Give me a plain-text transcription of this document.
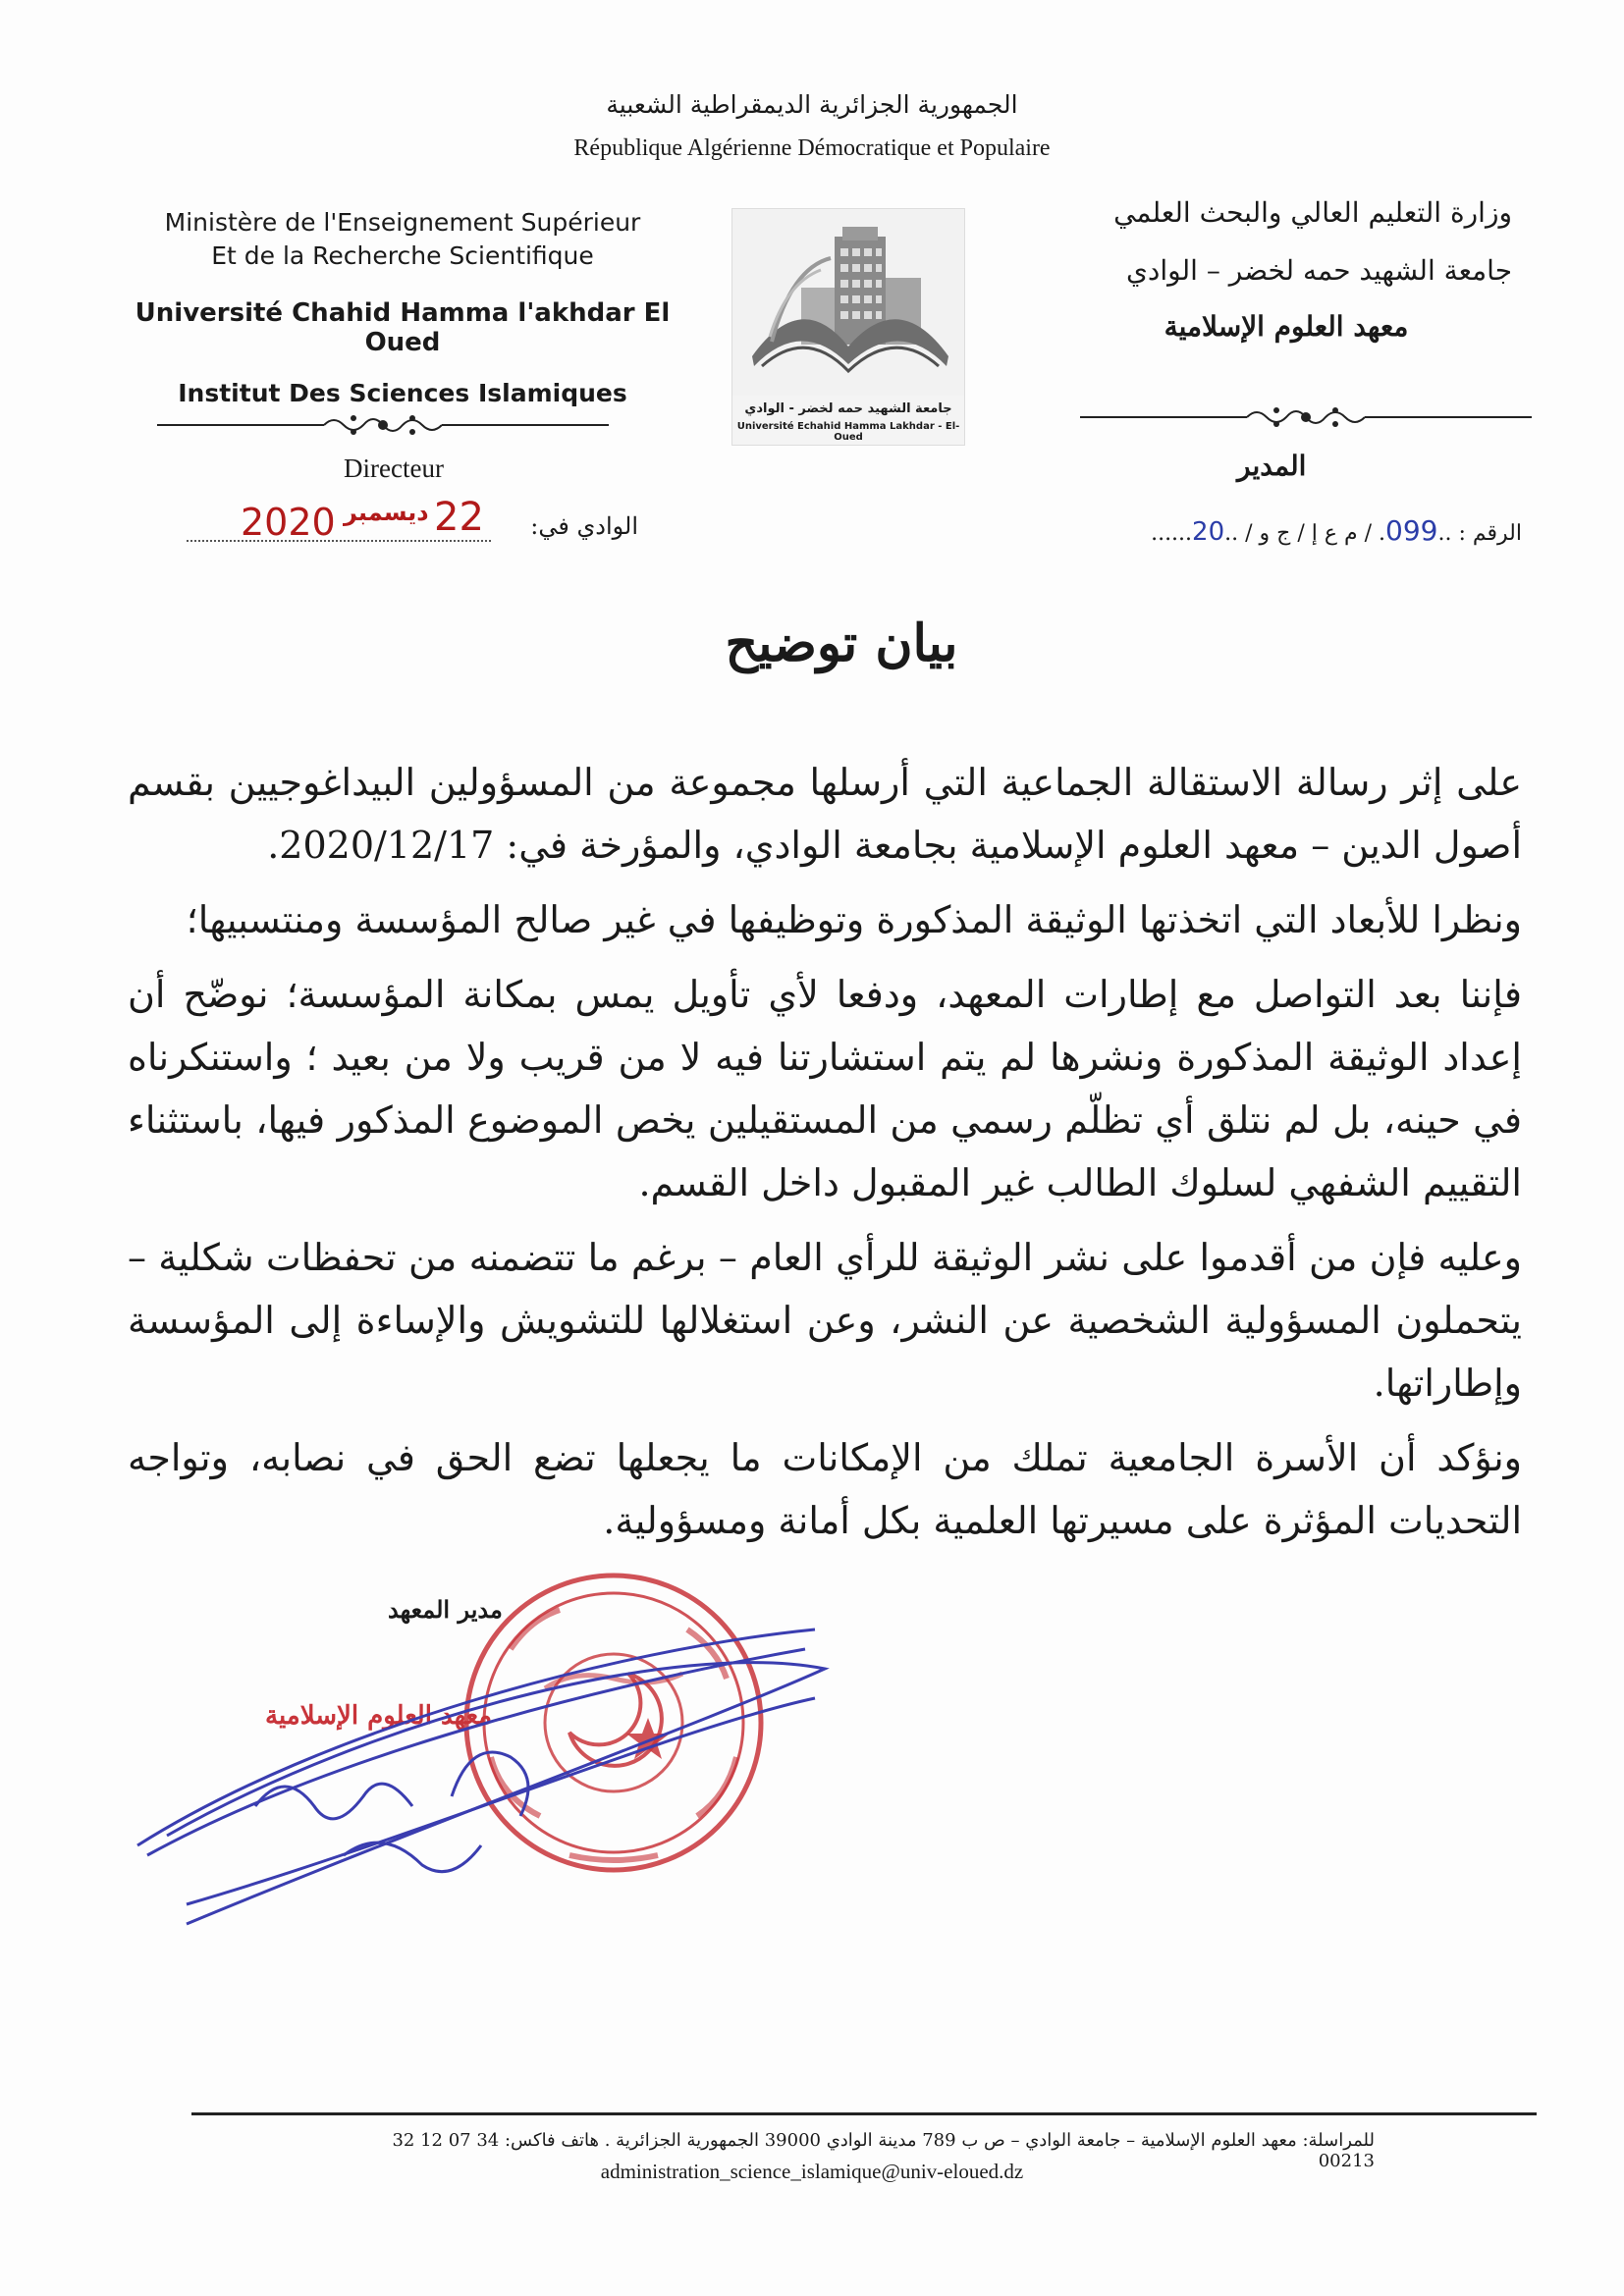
الجمهورية الجزائرية الديمقراطية الشعبية
République Algérienne Démocratique et Populaire
Ministère de l'Enseignement Supérieur
Et de la Recherche Scientifique
Université Chahid Hamma l'akhdar El Oued
Institut Des Sciences Islamiques
جامعة الشهيد حمه لخضر - الوادي
Université Echahid Hamma Lakhdar - El-Oued
وزارة التعليم العالي والبحث العلمي
جامعة الشهيد حمه لخضر – الوادي
معهد العلوم الإسلامية
Directeur	المدير
الوادي في:
2020 ديسمبر 22	الرقم : ..099. / م ع إ / ج و / ..20......
بيان توضيح

على إثر رسالة الاستقالة الجماعية التي أرسلها مجموعة من المسؤولين البيداغوجيين بقسم أصول الدين – معهد العلوم الإسلامية بجامعة الوادي، والمؤرخة في: 2020/12/17.

ونظرا للأبعاد التي اتخذتها الوثيقة المذكورة وتوظيفها في غير صالح المؤسسة ومنتسبيها؛

فإننا بعد التواصل مع إطارات المعهد، ودفعا لأي تأويل يمس بمكانة المؤسسة؛ نوضّح أن إعداد الوثيقة المذكورة ونشرها لم يتم استشارتنا فيه لا من قريب ولا من بعيد ؛ واستنكرناه في حينه، بل لم نتلق أي تظلّم رسمي من المستقيلين يخص الموضوع المذكور فيها، باستثناء التقييم الشفهي لسلوك الطالب غير المقبول داخل القسم.

وعليه فإن من أقدموا على نشر الوثيقة للرأي العام – برغم ما تتضمنه من تحفظات شكلية – يتحملون المسؤولية الشخصية عن النشر، وعن استغلالها للتشويش والإساءة إلى المؤسسة وإطاراتها.

ونؤكد أن الأسرة الجامعية تملك من الإمكانات ما يجعلها تضع الحق في نصابه، وتواجه التحديات المؤثرة على مسيرتها العلمية بكل أمانة ومسؤولية.

مدير المعهد
معهد العلوم الإسلامية
للمراسلة: معهد العلوم الإسلامية – جامعة الوادي – ص ب 789 مدينة الوادي 39000 الجمهورية الجزائرية . هاتف فاكس: 34 07 12 32 00213
administration_science_islamique@univ-eloued.dz
